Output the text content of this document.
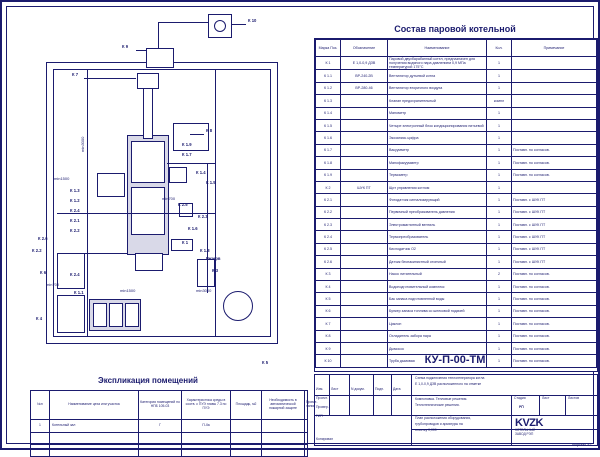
К 10
К 9
К 7
К 8
К 1.9
К 1.7
К 1.4
К 1.5
К 1.3
К 1.2
К 2.4
К 2.1
К 2.2
К 2.6
К 2.2
К 2.5
К 2.3
К 1.6
К 1
К 1.8
Резерв
К 3
К 6	К 2.4
К 1.1
К 4
К 5
min1500
min3000
min700
min700
min1500	min3000
Состав паровой котельной
Марка Поз.	Обозначение	Наименование	Кол.	Примечание
К 1	Е 1,0-0,9 ДЗВ	Паровой двухбарабанный котел, предназначен для получения водяного пара давлением 0,9 МПа температурой 175°С	1	
К 1.1	ВР-240-2В	Вентилятор дутьевой котла	1	
К 1.2	ВР-280-46	Вентилятор вторичного воздуха	1	
К 1.3		Клапан предохранительный	компл	
К 1.4		Манометр	1	
К 1.5		Четыре электронный блок кондиционирования питьевой	1	
К 1.6		Экозапись цифра	1	
К 1.7		Вакуумметр	1	Поставл. по согласов.
К 1.8		Манофакуумметр	1	Поставл. по согласов.
К 1.9		Термометр	1	Поставл. по согласов.
К 2	ШУК ПТ	Щит управления котлом	1	
К 2.1		Фотодатчик сигнализирующий	1	Поставл. с ШУК ПТ
К 2.2		Первичный преобразователь давления	1	Поставл. с ШУК ПТ
К 2.3		Электромагнитный вентиль	1	Поставл. с ШУК ПТ
К 2.4		Термопреобразователь	1	Поставл. с ШУК ПТ
К 2.5		Кислодатчик О2	1	Поставл. с ШУК ПТ
К 2.6		Датчик беснакипистный отопчный	1	Поставл. с ШУК ПТ
К 3		Насос питательный	2	Поставл. по согласов.
К 4		Водоподготовительный комплекс	1	Поставл. по согласов.
К 5		Бак запаса подготовленной воды	1	Поставл. по согласов.
К 6		Бункер запаса топлива со шнековой подачей	1	Поставл. по согласов.
К 7		Циклон	1	Поставл. по согласов.
К 8		Охладитель забора пара	1	Поставл. по согласов.
К 9		Дымосос	1	Поставл. по согласов.
К 10		Труба дымовая	1	Поставл. по согласов.
Экспликация помещений
№п	Наименование цеха или участка	Категория помещений по НПБ 105-03	Характеристика среды в соотв. с ПУЭ главы 7.3 по ПУЭ	Площадь, м2	Необходимость в автоматической пожарной защите	Приме-чание
1	Котельный зал	Г	П-IIа			

КУ-П-00-ТМ
Схема подключения теплогенератора котла
Е 1,0-0,9 ДЗВ расположенного на отметке
Компоновка. Тепловые решения.
Теплотехнические решения.
План расположения оборудования,
трубопроводов и арматуры на
отметку 0,000
Изм. Лист	N докум.	Подп.	Дата
Проект.
Провер.
ГИП
Копировал
Стадия	Лист	Листов
РП
KVZK
КОТЕЛЬНЫЙ
ЗАВОД РЭП
Формат А1
